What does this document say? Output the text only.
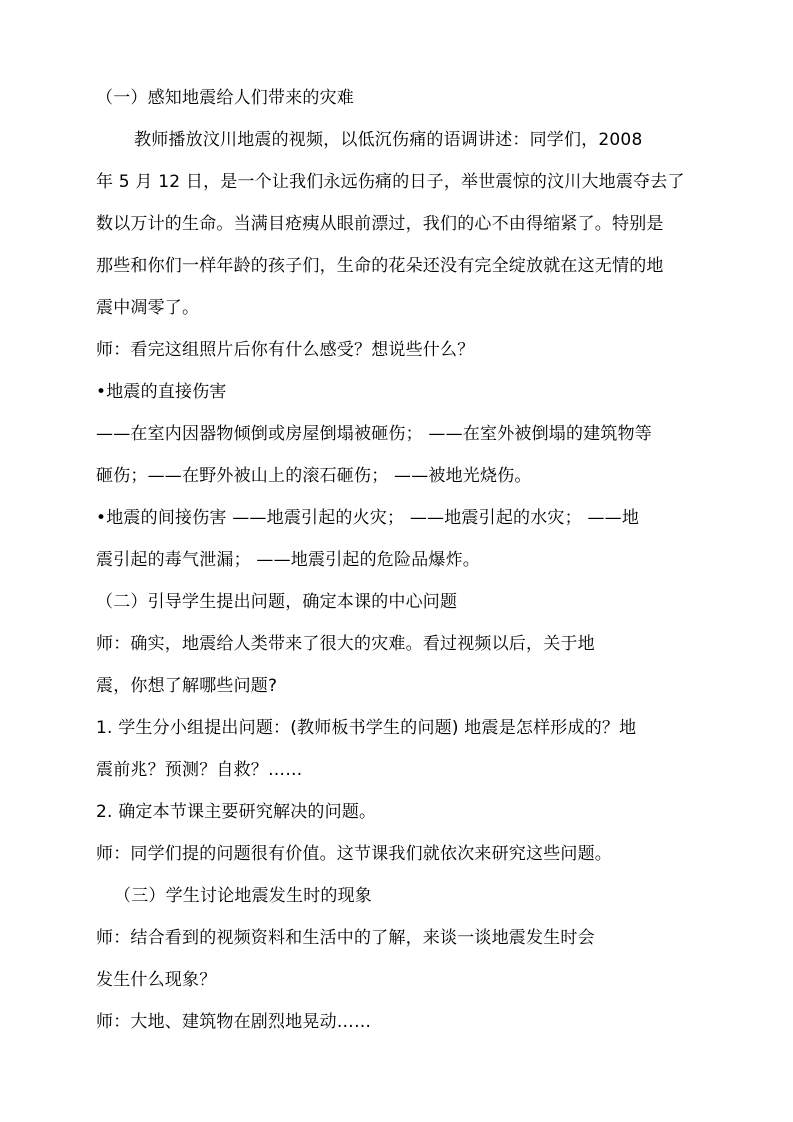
（一）感知地震给人们带来的灾难
教师播放汶川地震的视频，以低沉伤痛的语调讲述：同学们，2008
年 5 月 12 日，是一个让我们永远伤痛的日子，举世震惊的汶川大地震夺去了
数以万计的生命。当满目疮痍从眼前漂过，我们的心不由得缩紧了。特别是
那些和你们一样年龄的孩子们，生命的花朵还没有完全绽放就在这无情的地
震中凋零了。
师：看完这组照片后你有什么感受？想说些什么？
•地震的直接伤害
——在室内因器物倾倒或房屋倒塌被砸伤； ——在室外被倒塌的建筑物等
砸伤；——在野外被山上的滚石砸伤； ——被地光烧伤。
•地震的间接伤害 ——地震引起的火灾； ——地震引起的水灾； ——地
震引起的毒气泄漏； ——地震引起的危险品爆炸。
（二）引导学生提出问题，确定本课的中心问题
师：确实，地震给人类带来了很大的灾难。看过视频以后，关于地
震，你想了解哪些问题?
1. 学生分小组提出问题：(教师板书学生的问题) 地震是怎样形成的？地
震前兆？预测？自救？……
2. 确定本节课主要研究解决的问题。
师：同学们提的问题很有价值。这节课我们就依次来研究这些问题。
（三）学生讨论地震发生时的现象
师：结合看到的视频资料和生活中的了解，来谈一谈地震发生时会
发生什么现象？
师：大地、建筑物在剧烈地晃动……
